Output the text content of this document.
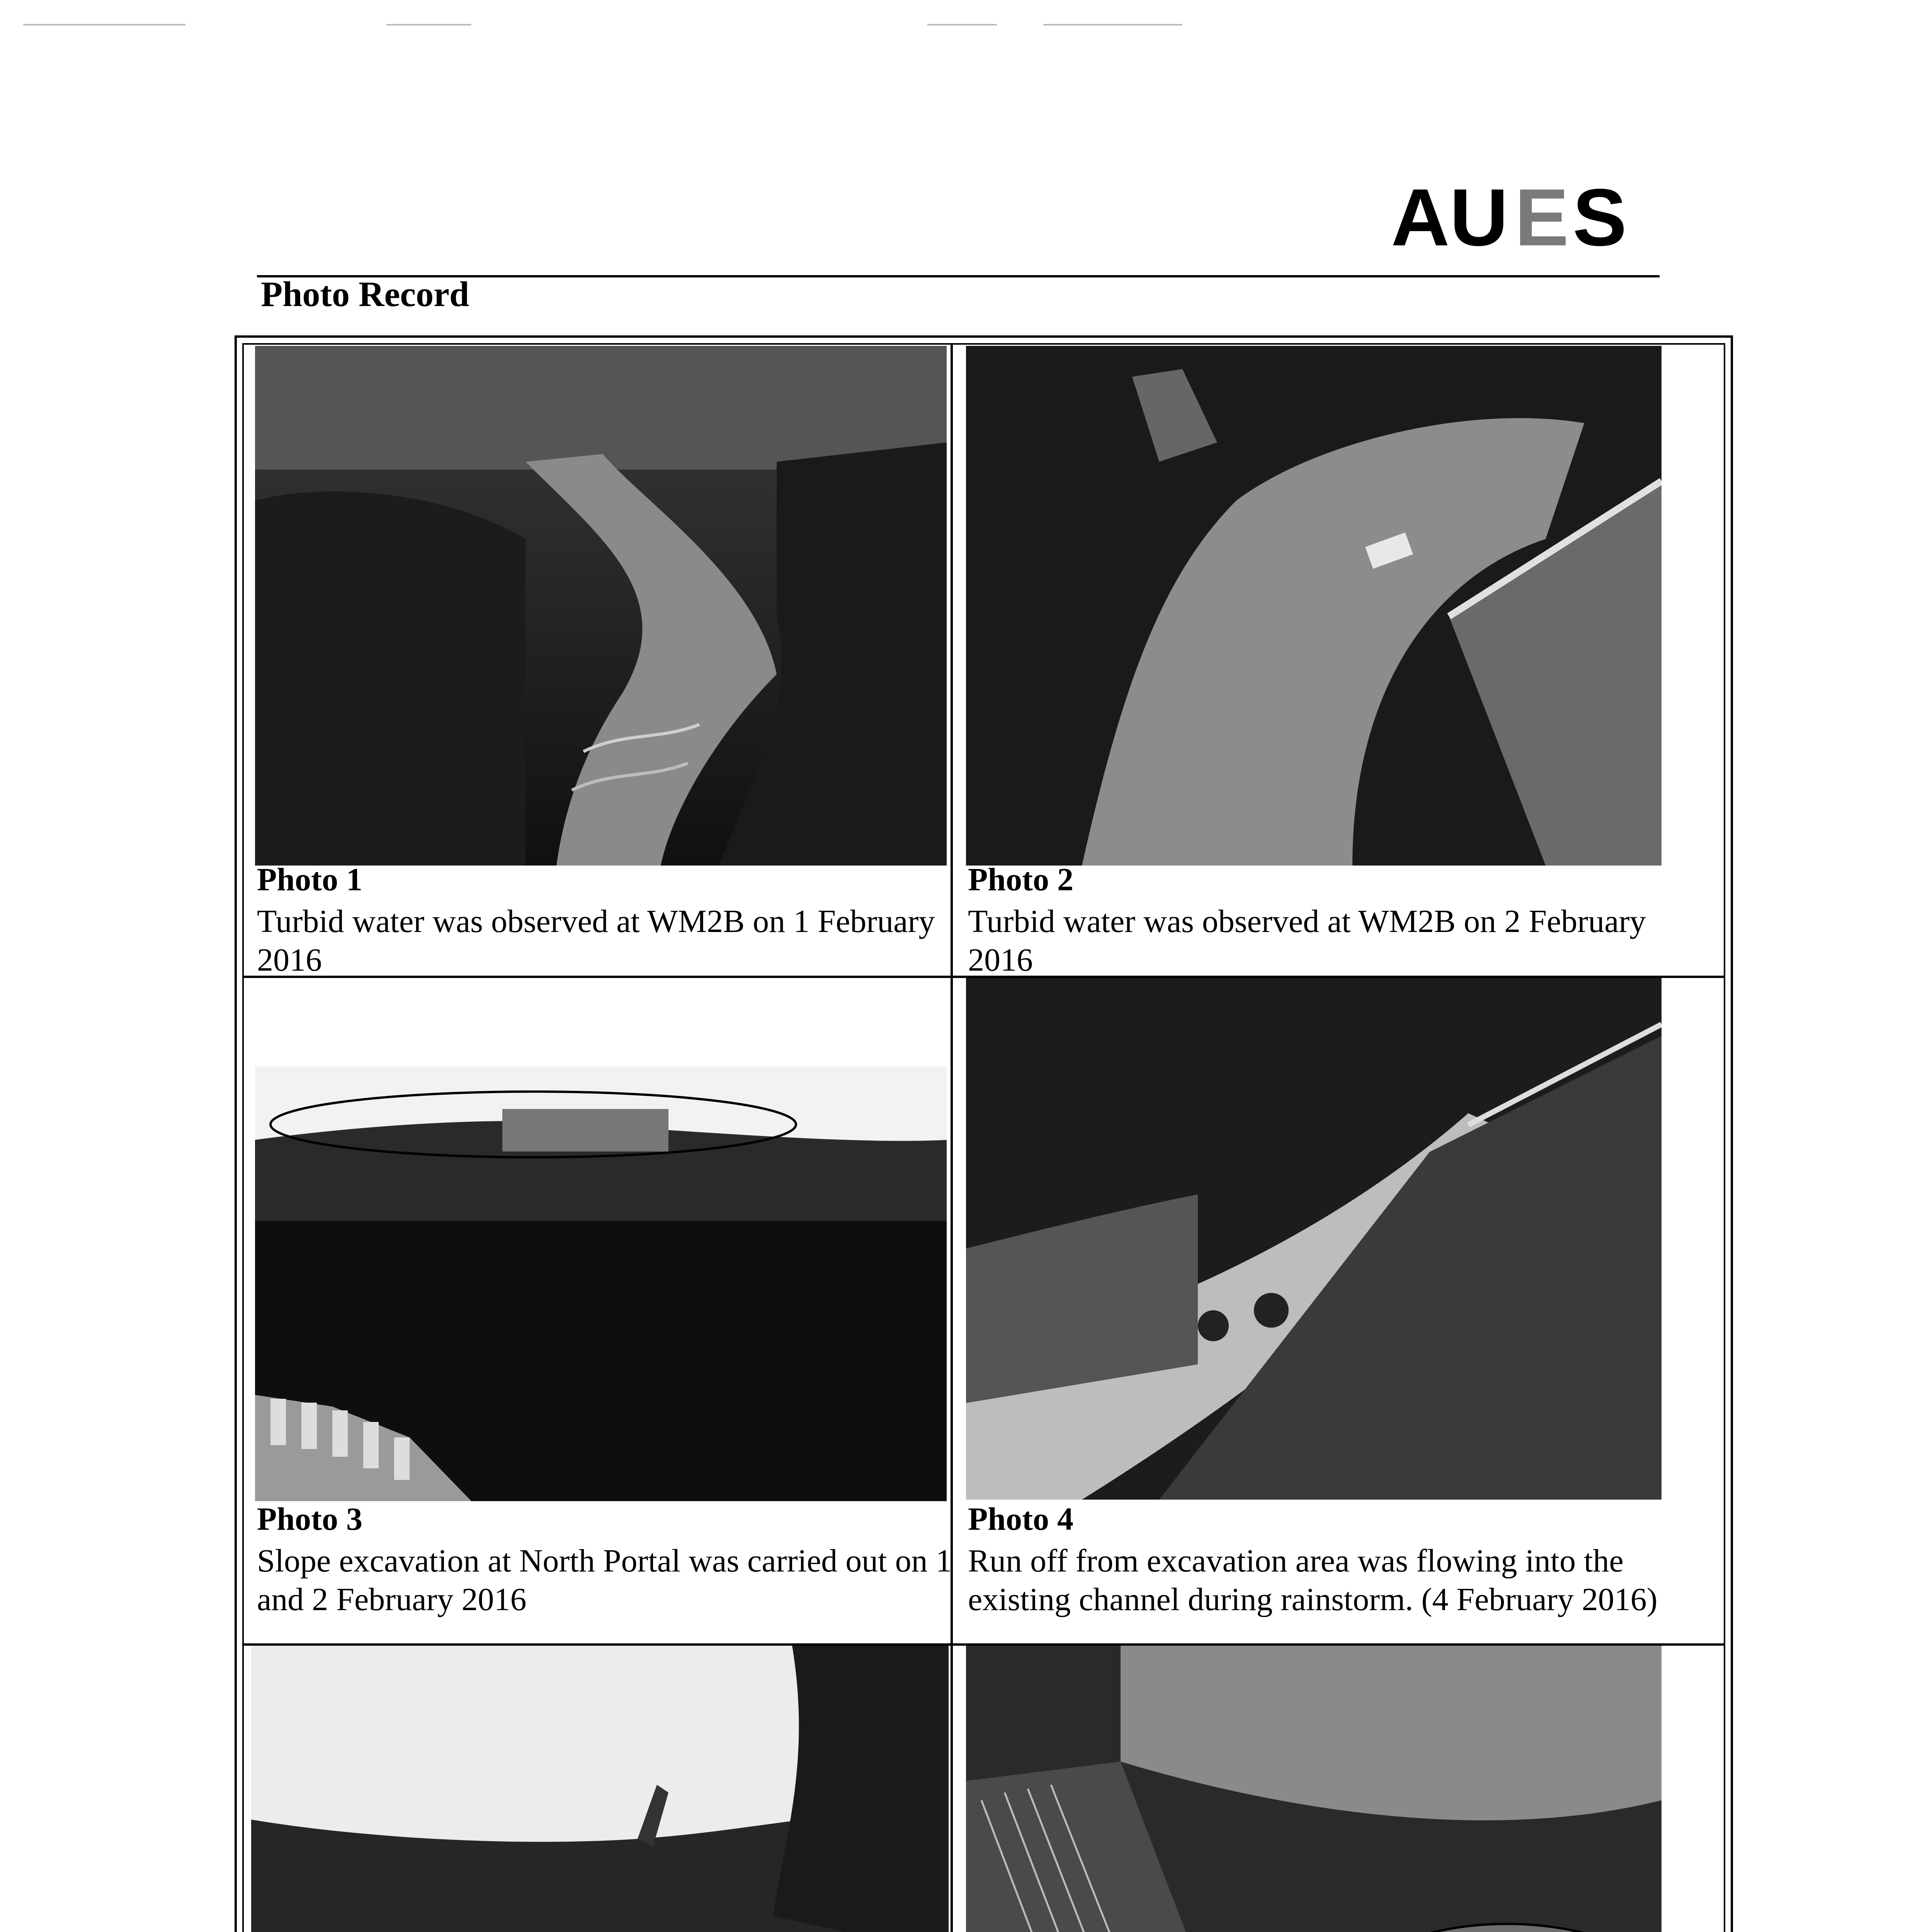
AU E S
Photo Record
Photo 1
Turbid water was observed at WM2B on 1 February 2016
Photo 2
Turbid water was observed at WM2B on 2 February 2016
Photo 3
Slope excavation at North Portal was carried out on 1 and 2 February 2016
Photo 4
Run off from excavation area was flowing into the existing channel during rainstorm. (4 February 2016)
